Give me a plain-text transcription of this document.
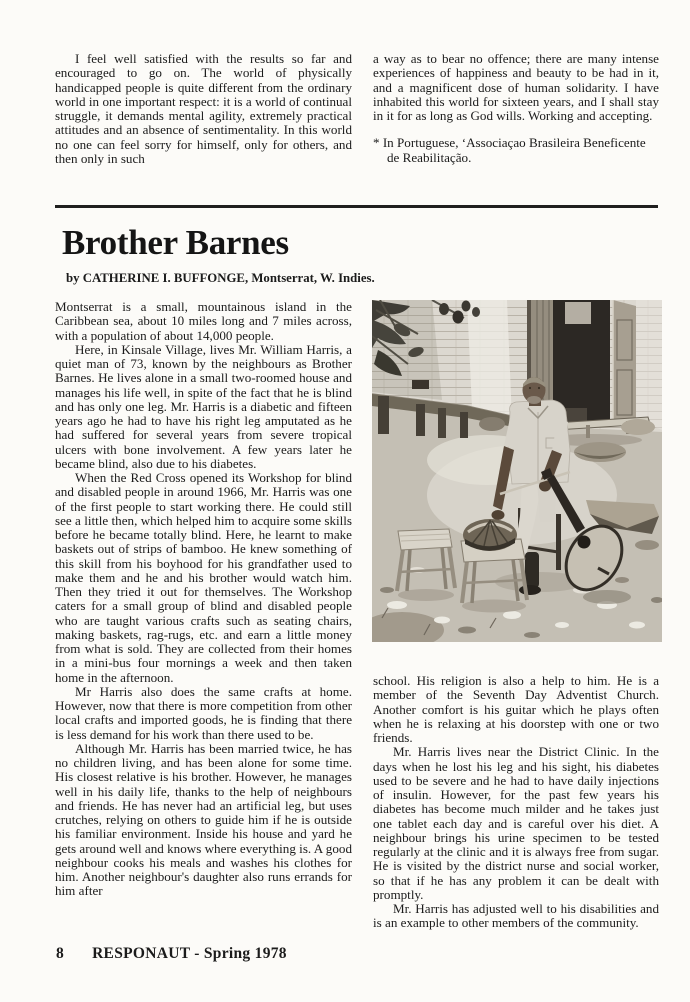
I feel well satisfied with the results so far and encouraged to go on. The world of physically handicapped people is quite different from the ordinary world in one important respect: it is a world of continual struggle, it demands mental agility, extremely practical attitudes and an absence of sentimentality. In this world no one can feel sorry for himself, only for others, and then only in such

a way as to bear no offence; there are many intense experiences of happiness and beauty to be had in it, and a magnificent dose of human solidarity. I have inhabited this world for sixteen years, and I shall stay in it for as long as God wills. Working and accepting.

* In Portuguese, ‘Associaçao Brasileira Beneficente de Reabilitação.

Brother Barnes
by CATHERINE I. BUFFONGE, Montserrat, W. Indies.

Montserrat is a small, mountainous island in the Caribbean sea, about 10 miles long and 7 miles across, with a population of about 14,000 people.

Here, in Kinsale Village, lives Mr. William Harris, a quiet man of 73, known by the neighbours as Brother Barnes. He lives alone in a small two-roomed house and manages his life well, in spite of the fact that he is blind and has only one leg. Mr. Harris is a diabetic and fifteen years ago he had to have his right leg amputated as he had suffered for several years from severe tropical ulcers with bone involvement. A few years later he became blind, also due to his diabetes.

When the Red Cross opened its Workshop for blind and disabled people in around 1966, Mr. Harris was one of the first people to start working there. He could still see a little then, which helped him to acquire some skills before he became totally blind. Here, he learnt to make baskets out of strips of bamboo. He knew something of this skill from his boyhood for his grandfather used to make them and he and his brother would watch him. Then they tried it out for themselves. The Workshop caters for a small group of blind and disabled people who are taught various crafts such as seating chairs, making baskets, rag-rugs, etc. and earn a little money from what is sold. They are collected from their homes in a mini-bus four mornings a week and then taken home in the afternoon.

Mr Harris also does the same crafts at home. However, now that there is more competition from other local crafts and imported goods, he is finding that there is less demand for his work than there used to be.

Although Mr. Harris has been married twice, he has no children living, and has been alone for some time. His closest relative is his brother. However, he manages well in his daily life, thanks to the help of neighbours and friends. He has never had an artificial leg, but uses crutches, relying on others to guide him if he is outside his familiar environment. Inside his house and yard he gets around well and knows where everything is. A good neighbour cooks his meals and washes his clothes for him. Another neighbour's daughter also runs errands for him after

school. His religion is also a help to him. He is a member of the Seventh Day Adventist Church. Another comfort is his guitar which he plays often when he is relaxing at his doorstep with one or two friends.

Mr. Harris lives near the District Clinic. In the days when he lost his leg and his sight, his diabetes used to be severe and he had to have daily injections of insulin. However, for the past few years his diabetes has become much milder and he takes just one tablet each day and is careful over his diet. A neighbour brings his urine specimen to be tested regularly at the clinic and it is always free from sugar. He is visited by the district nurse and social worker, so that if he has any problem it can be dealt with promptly.

Mr. Harris has adjusted well to his disabilities and is an example to other members of the community.

8 RESPONAUT - Spring 1978
